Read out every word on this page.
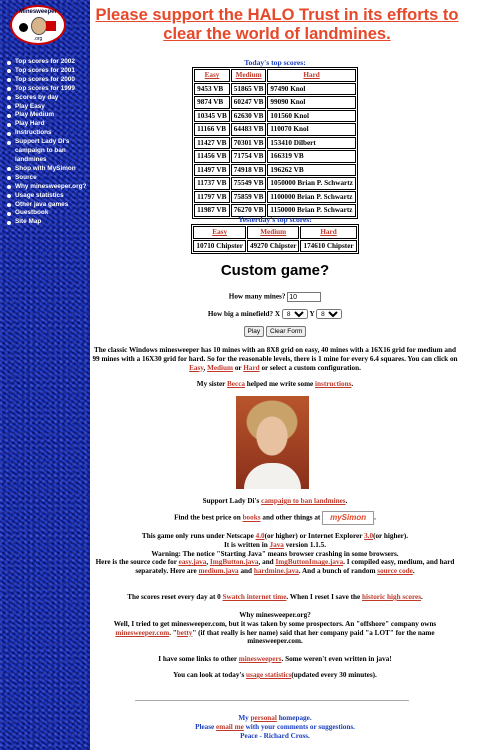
Minesweeper
.org
Top scores for 2002
Top scores for 2001
Top scores for 2000
Top scores for 1999
Scores by day
Play Easy
Play Medium
Play Hard
Instructions
Support Lady Di's campaign to ban landmines
Shop with MySimon
Source
Why minesweeper.org?
Usage statistics
Other java games
Guestbook
Site Map
Please support the HALO Trust in its efforts to clear the world of landmines.
Today's top scores:
Easy	Medium	Hard
9453 VB	51865 VB	97490 Knol
9874 VB	60247 VB	99090 Knol
10345 VB	62630 VB	101560 Knol
11166 VB	64483 VB	110070 Knol
11427 VB	70301 VB	153410 Dilbert
11456 VB	71754 VB	166319 VB
11497 VB	74918 VB	196262 VB
11737 VB	75549 VB	1050000 Brian P. Schwartz
11797 VB	75859 VB	1100000 Brian P. Schwartz
11987 VB	76270 VB	1150000 Brian P. Schwartz
Yesterday's top scores:
Easy	Medium	Hard
10710 Chipster	49270 Chipster	174610 Chipster
Custom game?
How many mines? 10
How big a minefield? X
8	Y
8
Play Clear Form
The classic Windows minesweeper has 10 mines with an 8X8 grid on easy, 40 mines with a 16X16 grid for medium and 99 mines with a 16X30 grid for hard. So for the reasonable levels, there is 1 mine for every 6.4 squares. You can click on Easy, Medium or Hard or select a custom configuration.
My sister Becca helped me write some instructions.
Support Lady Di's campaign to ban landmines.
Find the best price on books and other things at mySimon .
This game only runs under Netscape 4.0(or higher) or Internet Explorer 3.0(or higher).
It is written in Java version 1.1.5.
Warning: The notice "Starting Java" means browser crashing in some browsers.
Here is the source code for easy.java, ImgButton.java, and ImgButtonImage.java. I compiled easy, medium, and hard separately. Here are medium.java and hardmine.java. And a bunch of random source code.
The scores reset every day at 0 Swatch internet time. When I reset I save the historic high scores.
Why minesweeper.org?
Well, I tried to get minesweeper.com, but it was taken by some prospectors. An "offshore" company owns minesweeper.com. "betty" (if that really is her name) said that her company paid "a LOT" for the name minesweeper.com.
I have some links to other minesweepers. Some weren't even written in java!
You can look at today's usage statistics(updated every 30 minutes).
My personal homepage.
Please email me with your comments or suggestions.
Peace - Richard Cross.
